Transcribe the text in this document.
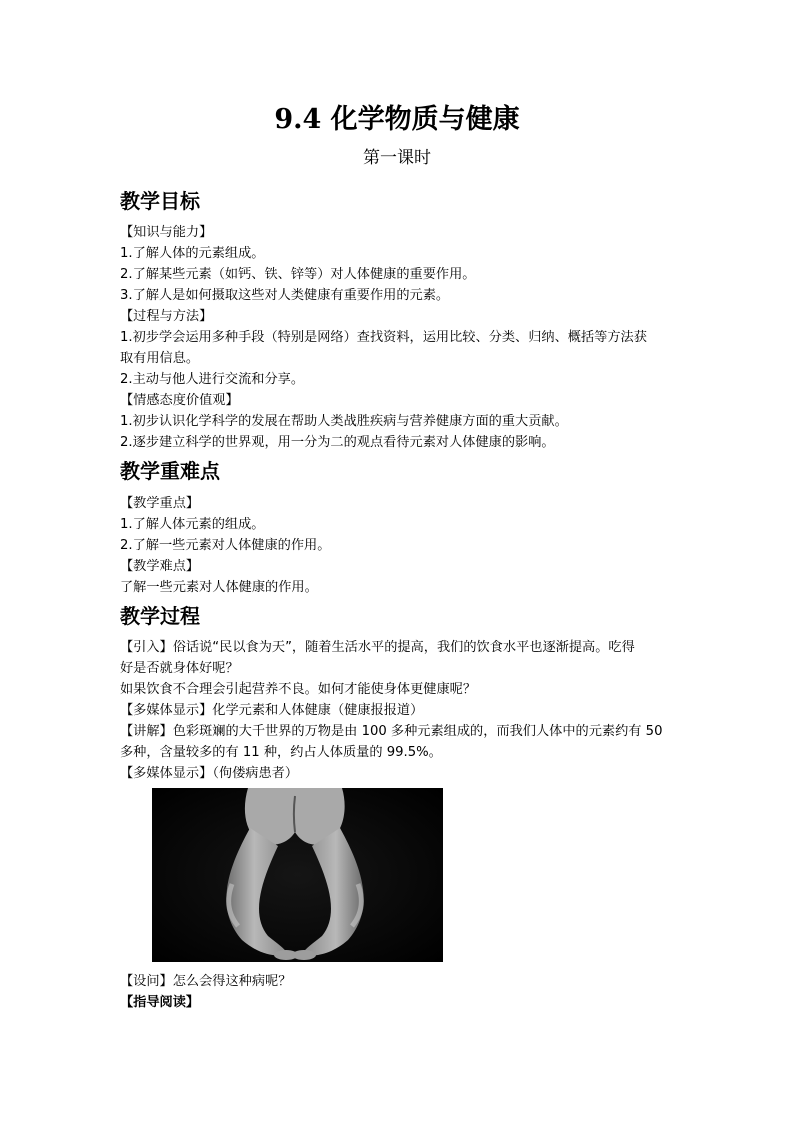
9.4 化学物质与健康

第一课时

教学目标

【知识与能力】

1.了解人体的元素组成。

2.了解某些元素（如钙、铁、锌等）对人体健康的重要作用。

3.了解人是如何摄取这些对人类健康有重要作用的元素。

【过程与方法】

1.初步学会运用多种手段（特别是网络）查找资料，运用比较、分类、归纳、概括等方法获

取有用信息。

2.主动与他人进行交流和分享。

【情感态度价值观】

1.初步认识化学科学的发展在帮助人类战胜疾病与营养健康方面的重大贡献。

2.逐步建立科学的世界观，用一分为二的观点看待元素对人体健康的影响。

教学重难点

【教学重点】

1.了解人体元素的组成。

2.了解一些元素对人体健康的作用。

【教学难点】

了解一些元素对人体健康的作用。

教学过程

【引入】俗话说“民以食为天”，随着生活水平的提高，我们的饮食水平也逐渐提高。吃得

好是否就身体好呢？

如果饮食不合理会引起营养不良。如何才能使身体更健康呢？

【多媒体显示】化学元素和人体健康（健康报报道）

【讲解】色彩斑斓的大千世界的万物是由 100 多种元素组成的，而我们人体中的元素约有 50

多种，含量较多的有 11 种，约占人体质量的 99.5%。

【多媒体显示】（佝偻病患者）

【设问】怎么会得这种病呢？

【指导阅读】
